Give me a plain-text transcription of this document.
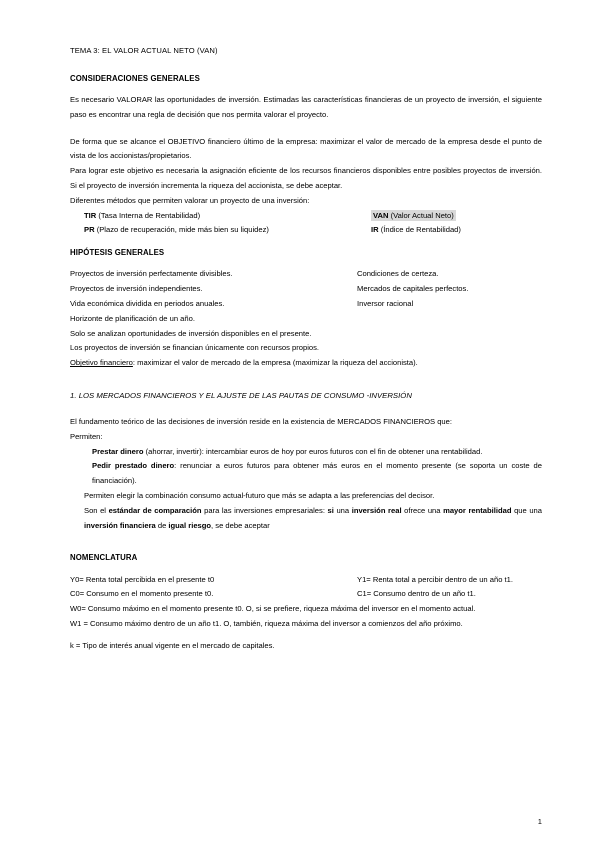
TEMA 3: EL VALOR ACTUAL NETO (VAN)

CONSIDERACIONES GENERALES

Es necesario VALORAR las oportunidades de inversión. Estimadas las características financieras de un proyecto de inversión, el siguiente paso es encontrar una regla de decisión que nos permita valorar el proyecto.

De forma que se alcance el OBJETIVO financiero último de la empresa: maximizar el valor de mercado de la empresa desde el punto de vista de los accionistas/propietarios.

Para lograr este objetivo es necesaria la asignación eficiente de los recursos financieros disponibles entre posibles proyectos de inversión. Si el proyecto de inversión incrementa la riqueza del accionista, se debe aceptar.

Diferentes métodos que permiten valorar un proyecto de una inversión:

TIR (Tasa Interna de Rentabilidad)	VAN (Valor Actual Neto)
PR (Plazo de recuperación, mide más bien su liquidez)	IR (Índice de Rentabilidad)

HIPÓTESIS GENERALES

Proyectos de inversión perfectamente divisibles.	Condiciones de certeza.
Proyectos de inversión independientes.	Mercados de capitales perfectos.
Vida económica dividida en periodos anuales.	Inversor racional
Horizonte de planificación de un año.

Solo se analizan oportunidades de inversión disponibles en el presente.

Los proyectos de inversión se financian únicamente con recursos propios.

Objetivo financiero: maximizar el valor de mercado de la empresa (maximizar la riqueza del accionista).

1. LOS MERCADOS FINANCIEROS Y EL AJUSTE DE LAS PAUTAS DE CONSUMO -INVERSIÓN

El fundamento teórico de las decisiones de inversión reside en la existencia de MERCADOS FINANCIEROS que:

Permiten:

Prestar dinero (ahorrar, invertir): intercambiar euros de hoy por euros futuros con el fin de obtener una rentabilidad.

Pedir prestado dinero: renunciar a euros futuros para obtener más euros en el momento presente (se soporta un coste de financiación).

Permiten elegir la combinación consumo actual-futuro que más se adapta a las preferencias del decisor.

Son el estándar de comparación para las inversiones empresariales: si una inversión real ofrece una mayor rentabilidad que una inversión financiera de igual riesgo, se debe aceptar

NOMENCLATURA

Y0= Renta total percibida en el presente t0	Y1= Renta total a percibir dentro de un año t1.
C0= Consumo en el momento presente t0.	C1= Consumo dentro de un año t1.

W0= Consumo máximo en el momento presente t0. O, si se prefiere, riqueza máxima del inversor en el momento actual.

W1 = Consumo máximo dentro de un año t1. O, también, riqueza máxima del inversor a comienzos del año próximo.

k = Tipo de interés anual vigente en el mercado de capitales.

1
